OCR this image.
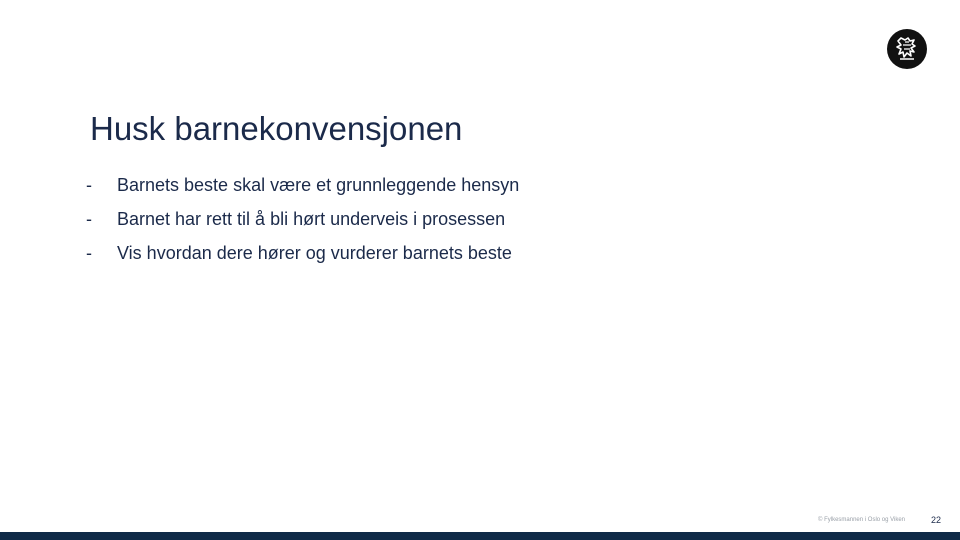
Husk barnekonvensjonen
-	Barnets beste skal være et grunnleggende hensyn
-	Barnet har rett til å bli hørt underveis i prosessen
-	Vis hvordan dere hører og vurderer barnets beste
© Fylkesmannen i Oslo og Viken	22
